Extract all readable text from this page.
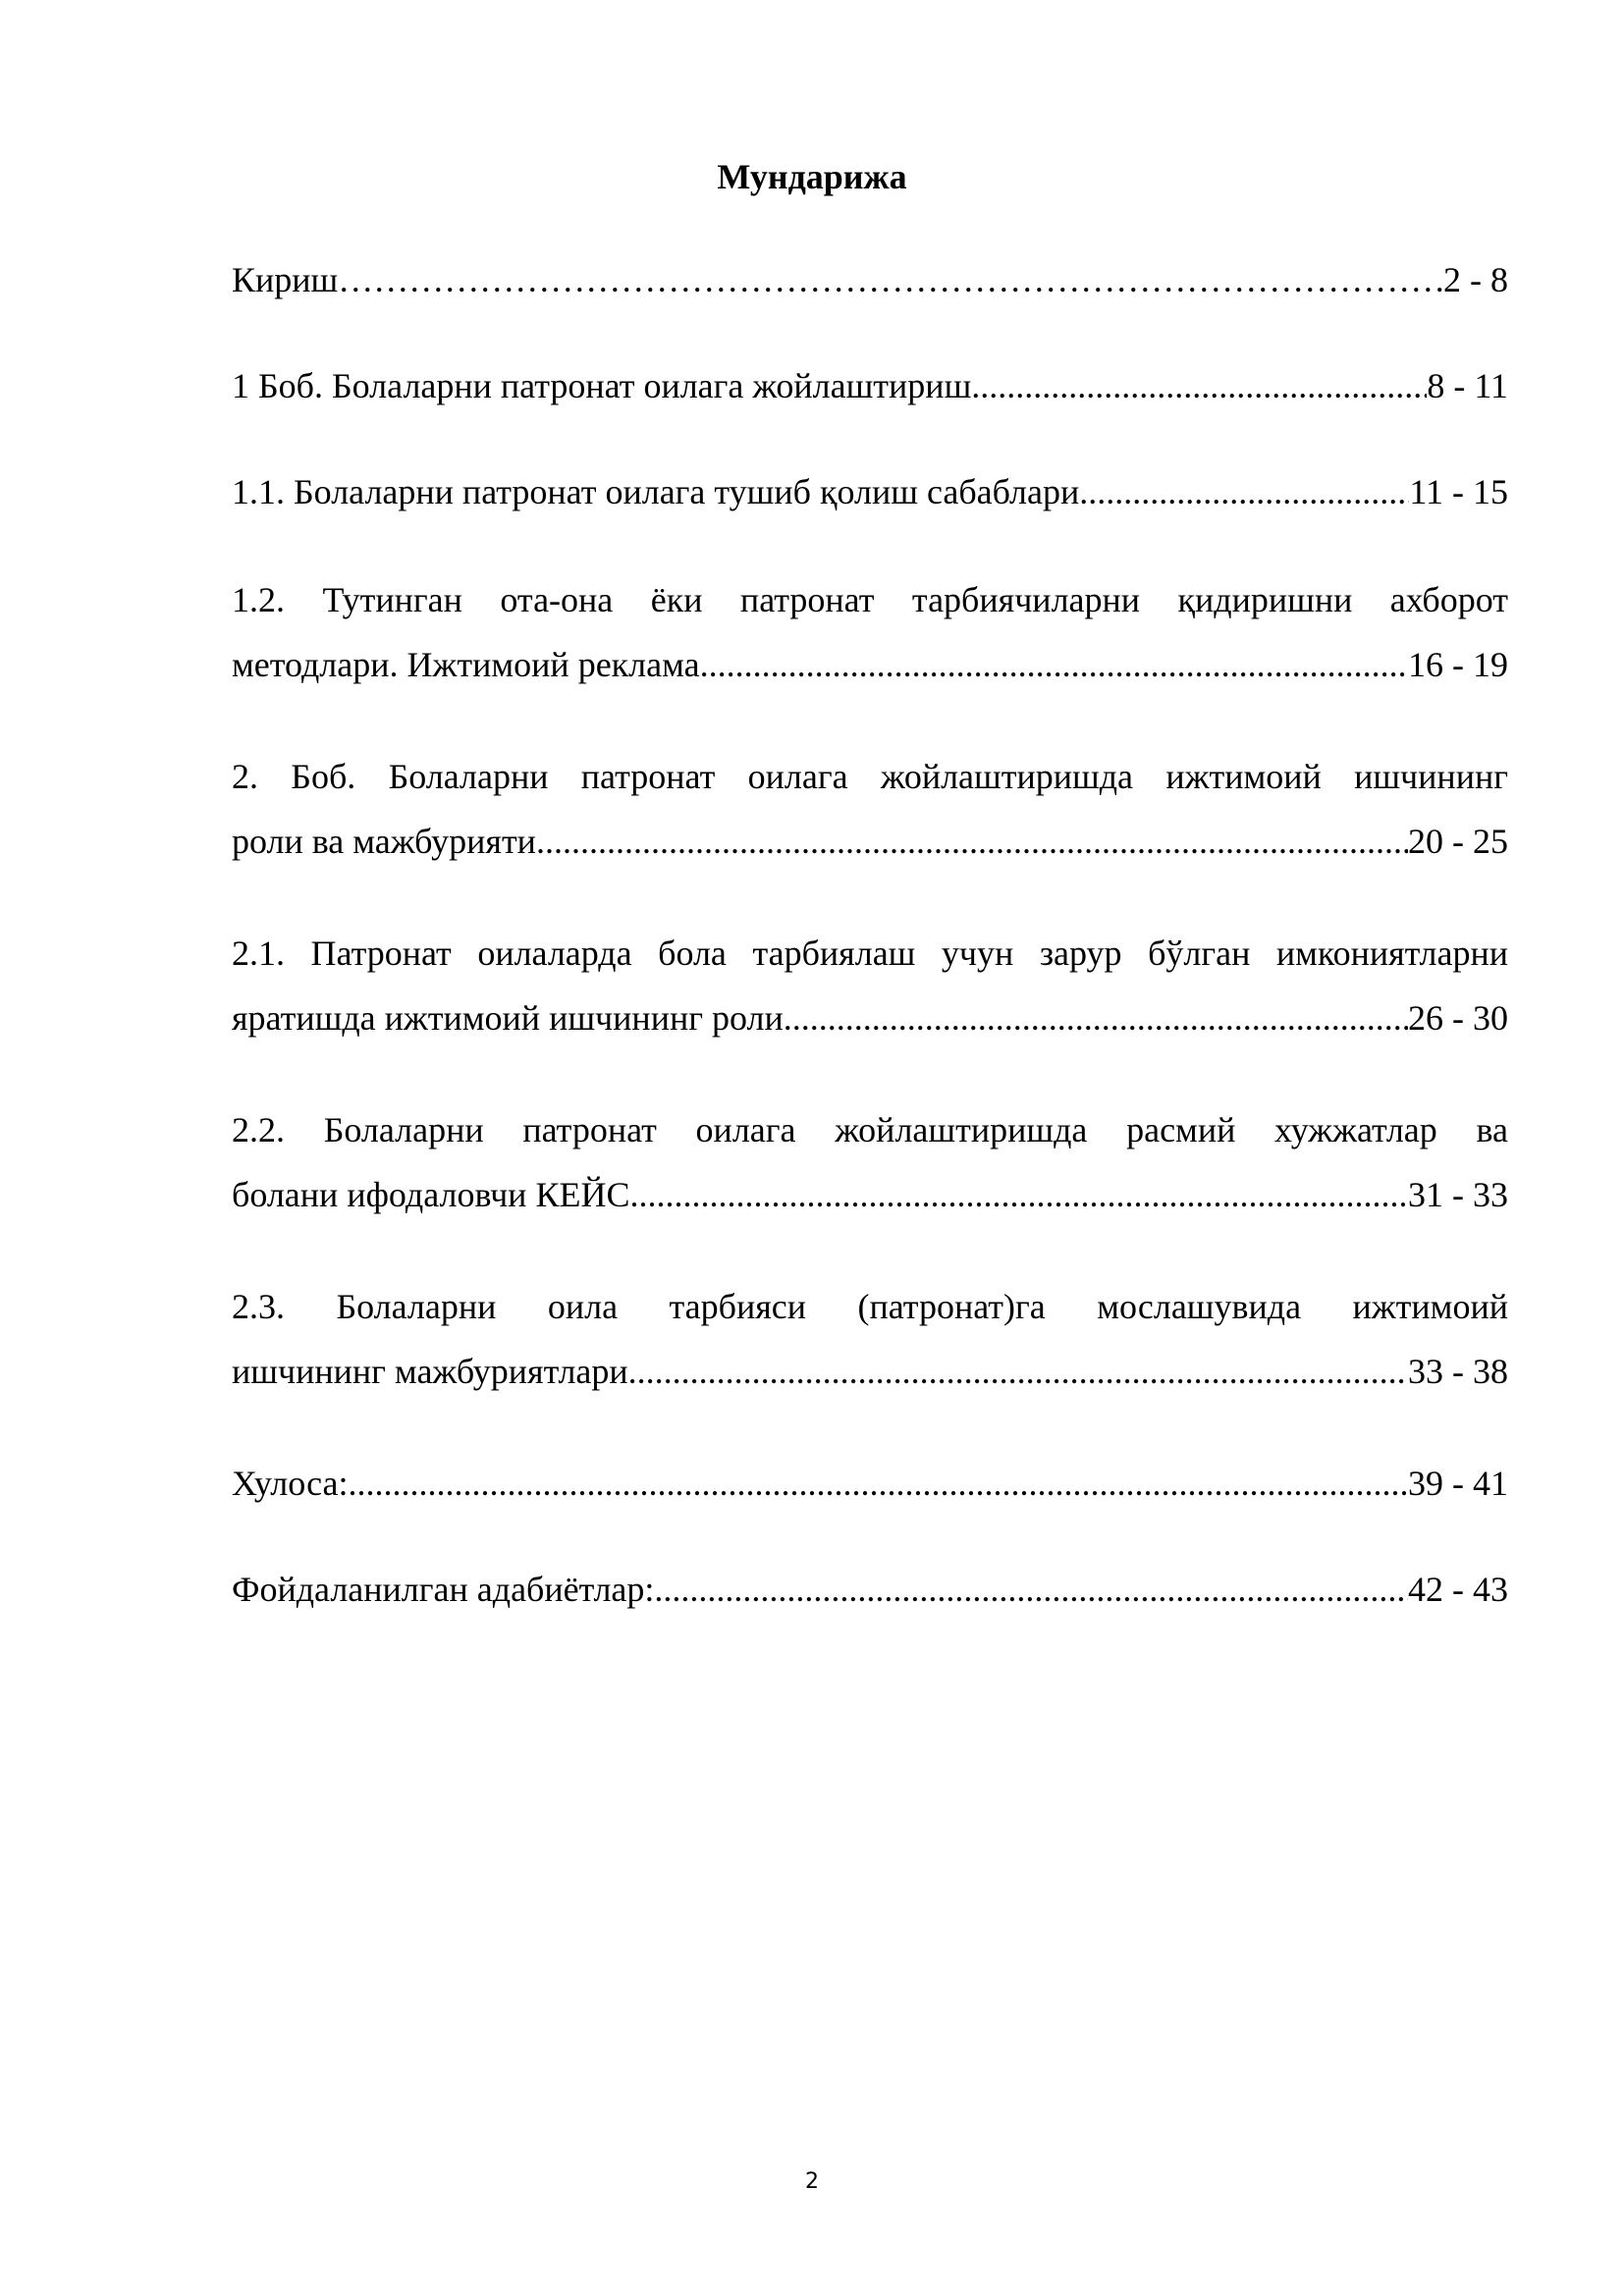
Мундарижа
Кириш …………………………………………………………………………………………………………………………………………………………………………………………………………………	2 - 8
1 Боб. Болаларни патронат оилага жойлаштириш .....	8 - 11
1.1. Болаларни патронат оилага тушиб қолиш сабаблари .....	11 - 15
1.2. Тутинган ота-она ёки патронат тарбиячиларни қидиришни ахборот
методлари. Ижтимоий реклама .....	16 - 19
2. Боб. Болаларни патронат оилага жойлаштиришда ижтимоий ишчининг
роли ва мажбурияти .....	20 - 25
2.1. Патронат оилаларда бола тарбиялаш учун зарур бўлган имкониятларни
яратишда ижтимоий ишчининг роли .....	26 - 30
2.2. Болаларни патронат оилага жойлаштиришда расмий хужжатлар ва
болани ифодаловчи КЕЙС .....	31 - 33
2.3. Болаларни оила тарбияси (патронат)га мослашувида ижтимоий
ишчининг мажбуриятлари .....	33 - 38
Хулоса: .....	39 - 41
Фойдаланилган адабиётлар: .....	42 - 43
2
